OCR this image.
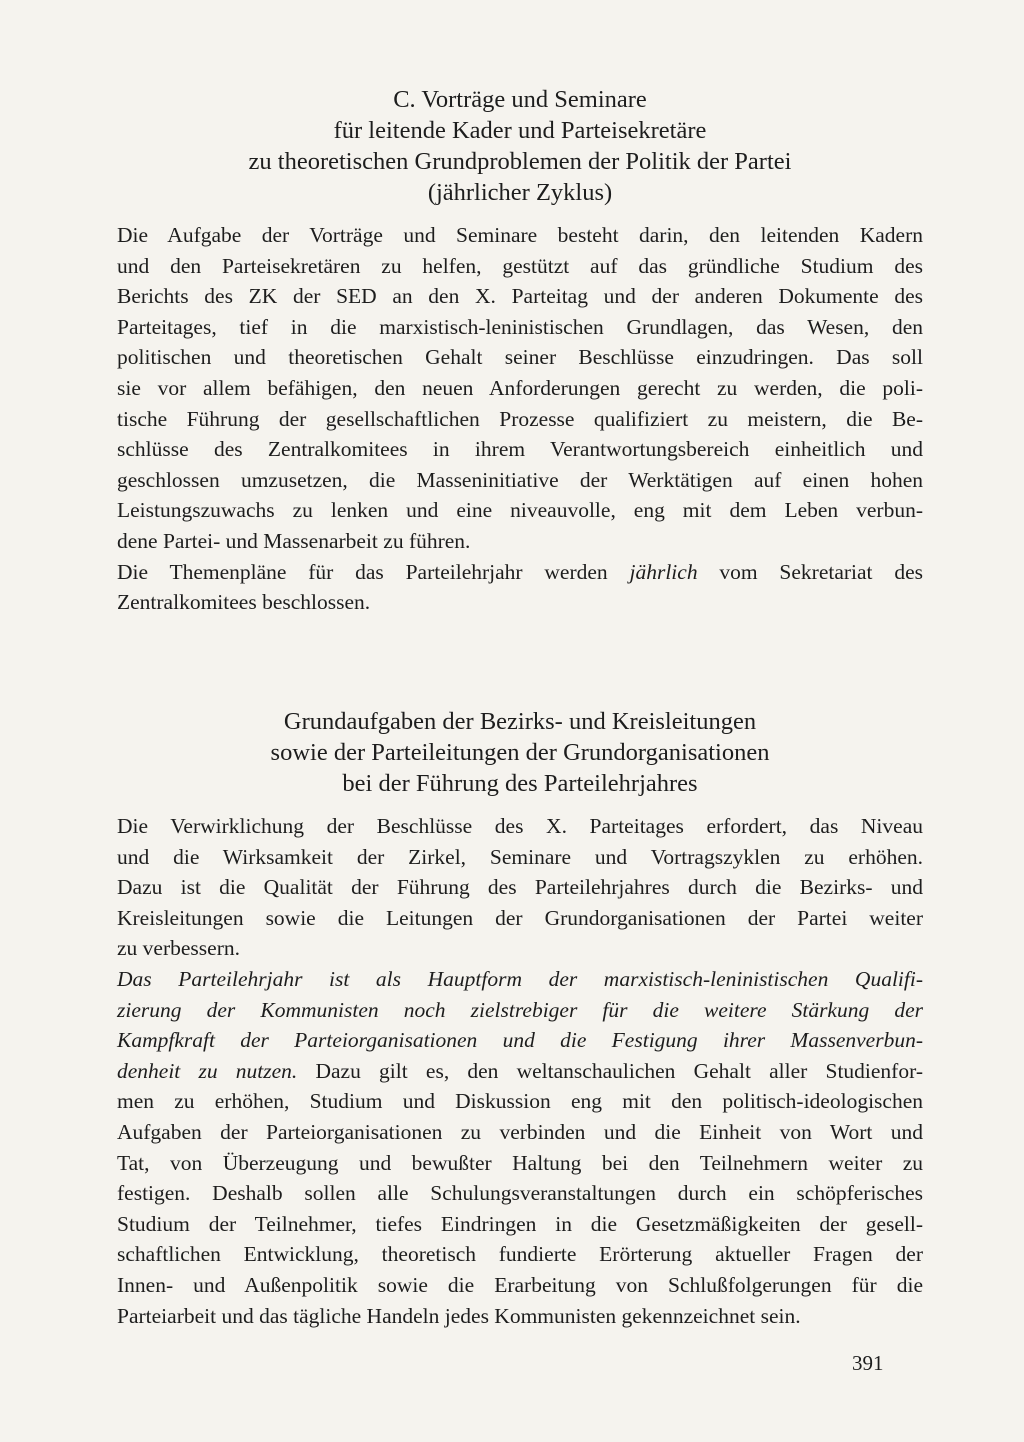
C. Vorträge und Seminare
für leitende Kader und Parteisekretäre
zu theoretischen Grundproblemen der Politik der Partei
(jährlicher Zyklus)

Die Aufgabe der Vorträge und Seminare besteht darin, den leitenden Kadern
und den Parteisekretären zu helfen, gestützt auf das gründliche Studium des
Berichts des ZK der SED an den X. Parteitag und der anderen Dokumente des
Parteitages, tief in die marxistisch-leninistischen Grundlagen, das Wesen, den
politischen und theoretischen Gehalt seiner Beschlüsse einzudringen. Das soll
sie vor allem befähigen, den neuen Anforderungen gerecht zu werden, die poli-
tische Führung der gesellschaftlichen Prozesse qualifiziert zu meistern, die Be-
schlüsse des Zentralkomitees in ihrem Verantwortungsbereich einheitlich und
geschlossen umzusetzen, die Masseninitiative der Werktätigen auf einen hohen
Leistungszuwachs zu lenken und eine niveauvolle, eng mit dem Leben verbun-
dene Partei- und Massenarbeit zu führen.

Die Themenpläne für das Parteilehrjahr werden jährlich vom Sekretariat des
Zentralkomitees beschlossen.

Grundaufgaben der Bezirks- und Kreisleitungen
sowie der Parteileitungen der Grundorganisationen
bei der Führung des Parteilehrjahres

Die Verwirklichung der Beschlüsse des X. Parteitages erfordert, das Niveau
und die Wirksamkeit der Zirkel, Seminare und Vortragszyklen zu erhöhen.
Dazu ist die Qualität der Führung des Parteilehrjahres durch die Bezirks- und
Kreisleitungen sowie die Leitungen der Grundorganisationen der Partei weiter
zu verbessern.

Das Parteilehrjahr ist als Hauptform der marxistisch-leninistischen Qualifi-
zierung der Kommunisten noch zielstrebiger für die weitere Stärkung der
Kampfkraft der Parteiorganisationen und die Festigung ihrer Massenverbun-
denheit zu nutzen. Dazu gilt es, den weltanschaulichen Gehalt aller Studienfor-
men zu erhöhen, Studium und Diskussion eng mit den politisch-ideologischen
Aufgaben der Parteiorganisationen zu verbinden und die Einheit von Wort und
Tat, von Überzeugung und bewußter Haltung bei den Teilnehmern weiter zu
festigen. Deshalb sollen alle Schulungsveranstaltungen durch ein schöpferisches
Studium der Teilnehmer, tiefes Eindringen in die Gesetzmäßigkeiten der gesell-
schaftlichen Entwicklung, theoretisch fundierte Erörterung aktueller Fragen der
Innen- und Außenpolitik sowie die Erarbeitung von Schlußfolgerungen für die
Parteiarbeit und das tägliche Handeln jedes Kommunisten gekennzeichnet sein.

391
